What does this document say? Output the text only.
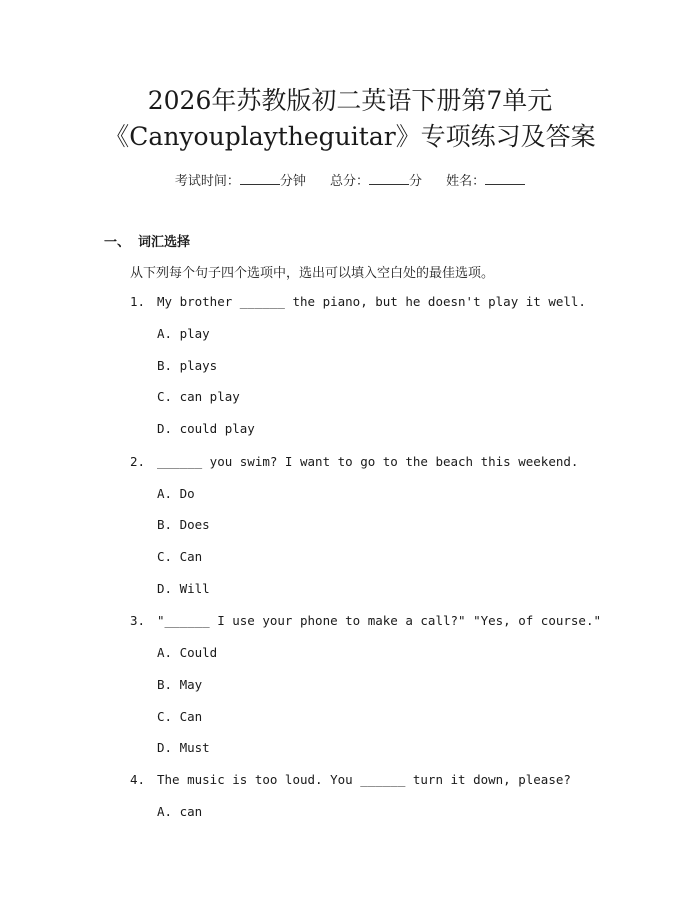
2026年苏教版初二英语下册第7单元
《Canyouplaytheguitar》专项练习及答案
考试时间：	分钟 总分：	分 姓名：
一、 词汇选择
从下列每个句子四个选项中，选出可以填入空白处的最佳选项。
1. My brother ______ the piano, but he doesn't play it well.
A. play
B. plays
C. can play
D. could play
2. ______ you swim? I want to go to the beach this weekend.
A. Do
B. Does
C. Can
D. Will
3. "______ I use your phone to make a call?" "Yes, of course."
A. Could
B. May
C. Can
D. Must
4. The music is too loud. You ______ turn it down, please?
A. can
